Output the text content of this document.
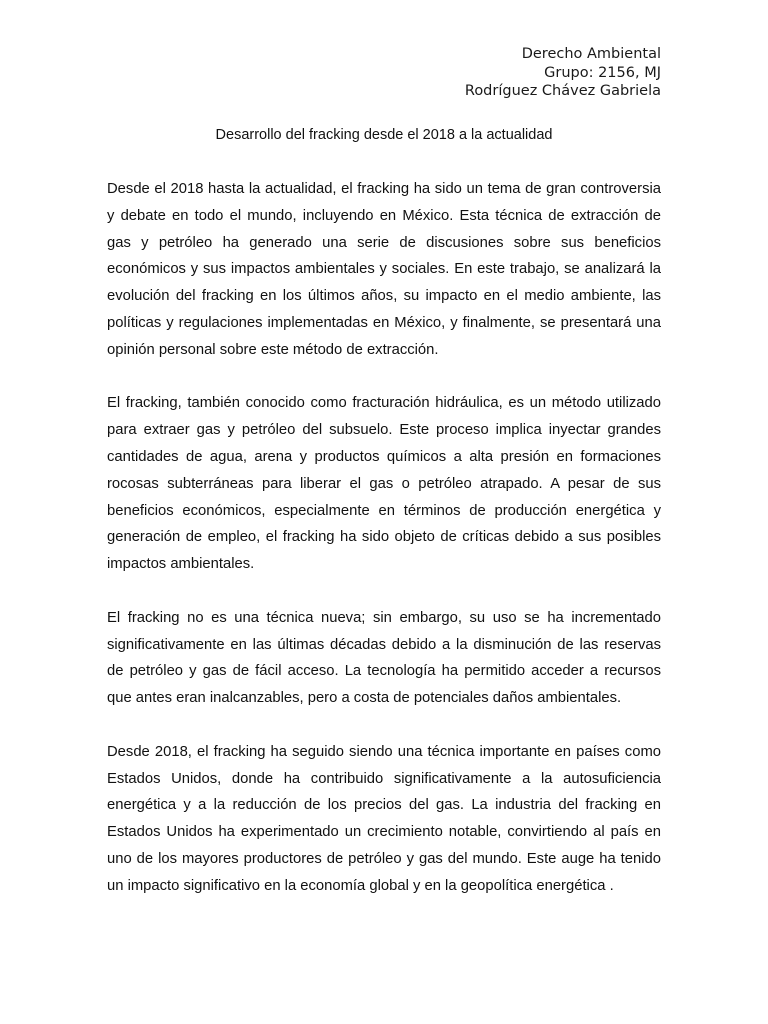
Derecho Ambiental
Grupo: 2156, MJ
Rodríguez Chávez Gabriela
Desarrollo del fracking desde el 2018 a la actualidad

Desde el 2018 hasta la actualidad, el fracking ha sido un tema de gran controversia y debate en todo el mundo, incluyendo en México. Esta técnica de extracción de gas y petróleo ha generado una serie de discusiones sobre sus beneficios económicos y sus impactos ambientales y sociales. En este trabajo, se analizará la evolución del fracking en los últimos años, su impacto en el medio ambiente, las políticas y regulaciones implementadas en México, y finalmente, se presentará una opinión personal sobre este método de extracción.

El fracking, también conocido como fracturación hidráulica, es un método utilizado para extraer gas y petróleo del subsuelo. Este proceso implica inyectar grandes cantidades de agua, arena y productos químicos a alta presión en formaciones rocosas subterráneas para liberar el gas o petróleo atrapado. A pesar de sus beneficios económicos, especialmente en términos de producción energética y generación de empleo, el fracking ha sido objeto de críticas debido a sus posibles impactos ambientales.

El fracking no es una técnica nueva; sin embargo, su uso se ha incrementado significativamente en las últimas décadas debido a la disminución de las reservas de petróleo y gas de fácil acceso. La tecnología ha permitido acceder a recursos que antes eran inalcanzables, pero a costa de potenciales daños ambientales.

Desde 2018, el fracking ha seguido siendo una técnica importante en países como Estados Unidos, donde ha contribuido significativamente a la autosuficiencia energética y a la reducción de los precios del gas. La industria del fracking en Estados Unidos ha experimentado un crecimiento notable, convirtiendo al país en uno de los mayores productores de petróleo y gas del mundo. Este auge ha tenido un impacto significativo en la economía global y en la geopolítica energética .
